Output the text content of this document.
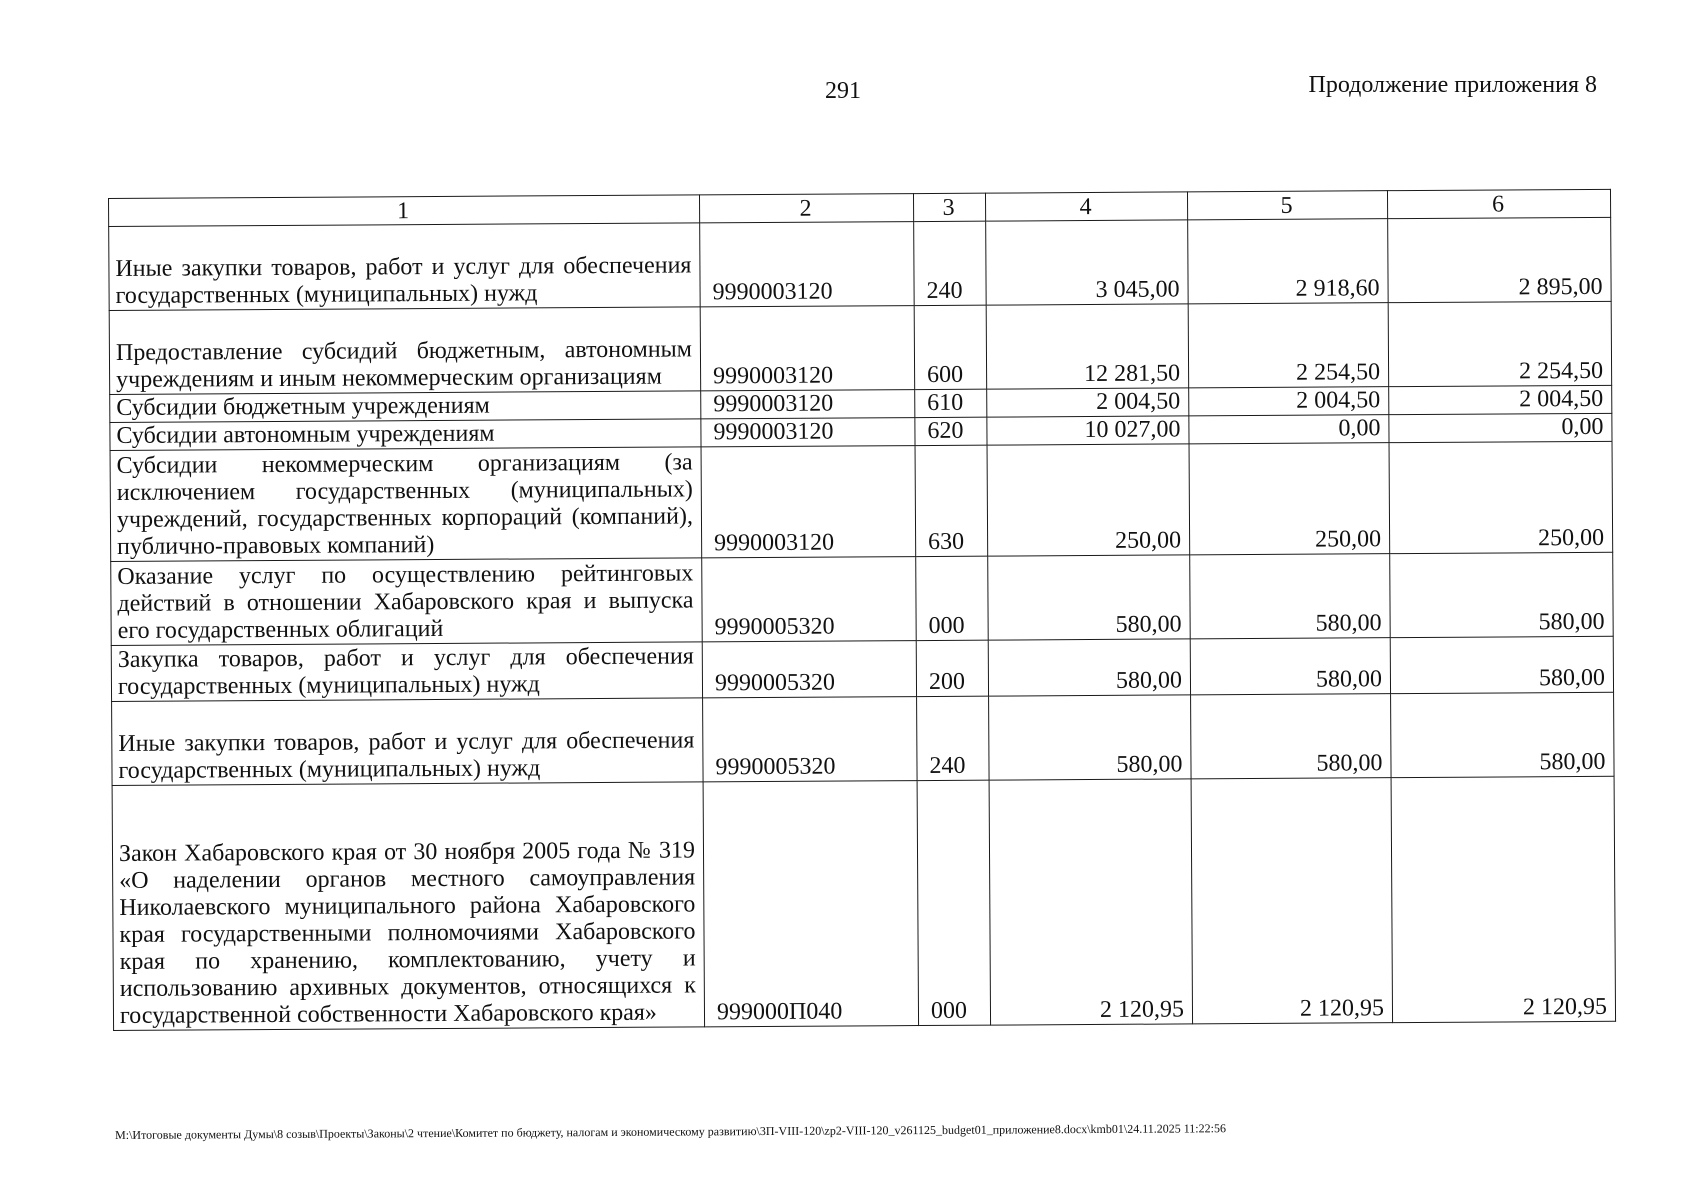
291	Продолжение приложения 8
1	2	3	4	5	6
Иные закупки товаров, работ и услуг для обеспечения государственных (муниципальных) нужд	9990003120	240	3 045,00	2 918,60	2 895,00
Предоставление субсидий бюджетным, автономным учреждениям и иным некоммерческим организациям	9990003120	600	12 281,50	2 254,50	2 254,50
Субсидии бюджетным учреждениям	9990003120	610	2 004,50	2 004,50	2 004,50
Субсидии автономным учреждениям	9990003120	620	10 027,00	0,00	0,00
Субсидии некоммерческим организациям (за исключением государственных (муниципальных) учреждений, государственных корпораций (компаний), публично-правовых компаний)	9990003120	630	250,00	250,00	250,00
Оказание услуг по осуществлению рейтинговых действий в отношении Хабаровского края и выпуска его государственных облигаций	9990005320	000	580,00	580,00	580,00
Закупка товаров, работ и услуг для обеспечения государственных (муниципальных) нужд	9990005320	200	580,00	580,00	580,00
Иные закупки товаров, работ и услуг для обеспечения государственных (муниципальных) нужд	9990005320	240	580,00	580,00	580,00
Закон Хабаровского края от 30 ноября 2005 года № 319 «О наделении органов местного самоуправления Николаевского муниципального района Хабаровского края государственными полномочиями Хабаровского края по хранению, комплектованию, учету и использованию архивных документов, относящихся к государственной собственности Хабаровского края»	999000П040	000	2 120,95	2 120,95	2 120,95
M:\Итоговые документы Думы\8 созыв\Проекты\Законы\2 чтение\Комитет по бюджету, налогам и экономическому развитию\3П-VIII-120\zp2-VIII-120_v261125_budget01_приложение8.docx\kmb01\24.11.2025 11:22:56
